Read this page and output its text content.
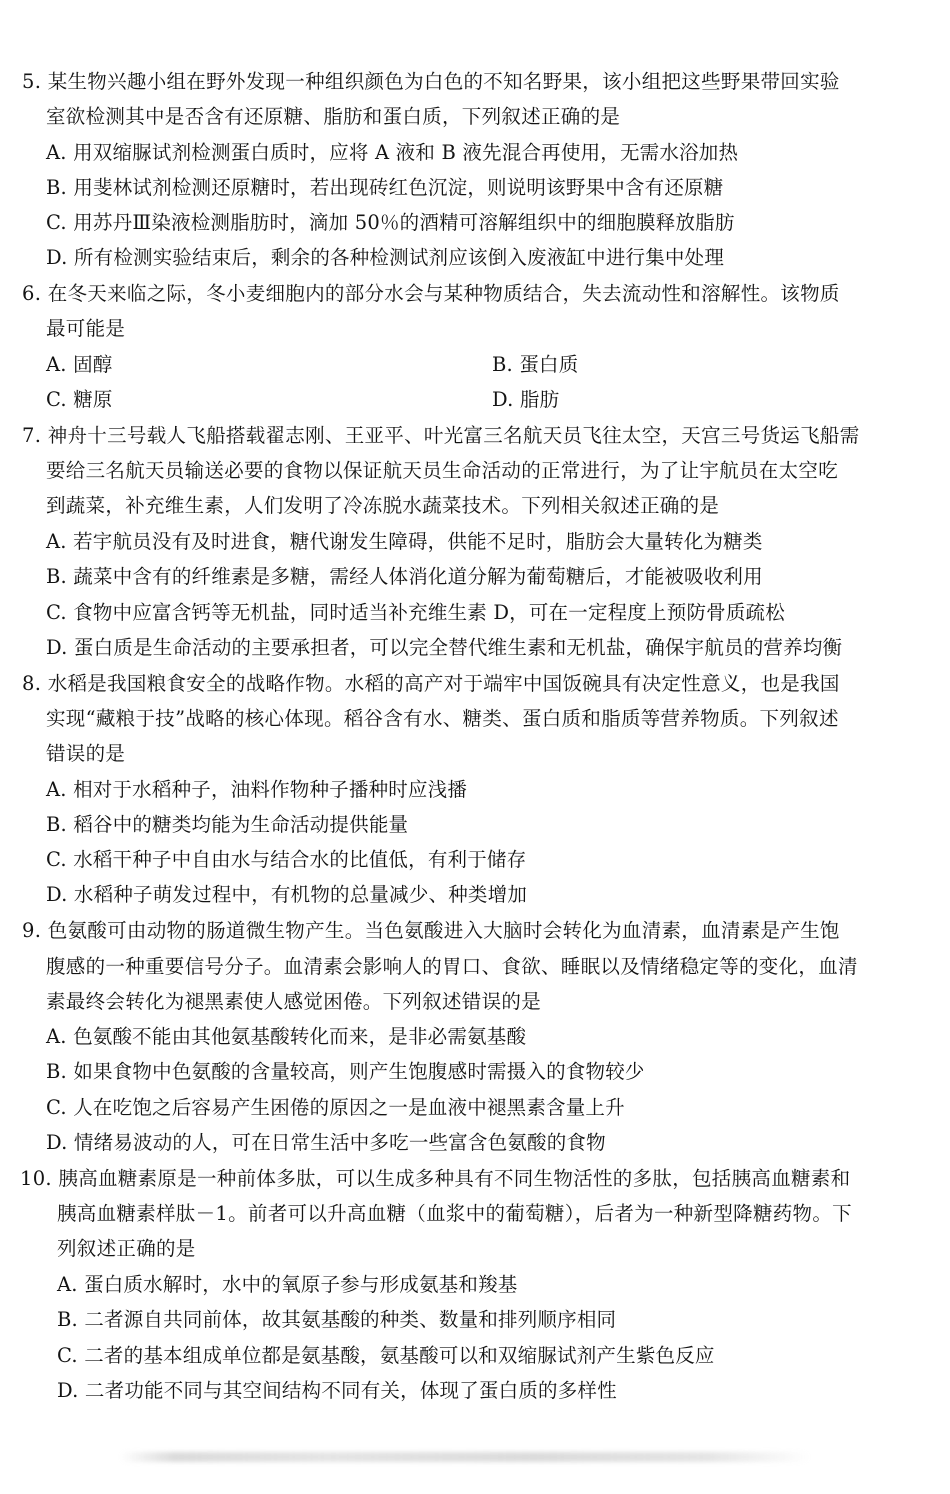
5. 某生物兴趣小组在野外发现一种组织颜色为白色的不知名野果，该小组把这些野果带回实验
室欲检测其中是否含有还原糖、脂肪和蛋白质，下列叙述正确的是
A. 用双缩脲试剂检测蛋白质时，应将 A 液和 B 液先混合再使用，无需水浴加热
B. 用斐林试剂检测还原糖时，若出现砖红色沉淀，则说明该野果中含有还原糖
C. 用苏丹Ⅲ染液检测脂肪时，滴加 50％的酒精可溶解组织中的细胞膜释放脂肪
D. 所有检测实验结束后，剩余的各种检测试剂应该倒入废液缸中进行集中处理
6. 在冬天来临之际，冬小麦细胞内的部分水会与某种物质结合，失去流动性和溶解性。该物质
最可能是
A. 固醇	B. 蛋白质
C. 糖原	D. 脂肪
7. 神舟十三号载人飞船搭载翟志刚、王亚平、叶光富三名航天员飞往太空，天宫三号货运飞船需
要给三名航天员输送必要的食物以保证航天员生命活动的正常进行，为了让宇航员在太空吃
到蔬菜，补充维生素，人们发明了冷冻脱水蔬菜技术。下列相关叙述正确的是
A. 若宇航员没有及时进食，糖代谢发生障碍，供能不足时，脂肪会大量转化为糖类
B. 蔬菜中含有的纤维素是多糖，需经人体消化道分解为葡萄糖后，才能被吸收利用
C. 食物中应富含钙等无机盐，同时适当补充维生素 D，可在一定程度上预防骨质疏松
D. 蛋白质是生命活动的主要承担者，可以完全替代维生素和无机盐，确保宇航员的营养均衡
8. 水稻是我国粮食安全的战略作物。水稻的高产对于端牢中国饭碗具有决定性意义，也是我国
实现“藏粮于技”战略的核心体现。稻谷含有水、糖类、蛋白质和脂质等营养物质。下列叙述
错误的是
A. 相对于水稻种子，油料作物种子播种时应浅播
B. 稻谷中的糖类均能为生命活动提供能量
C. 水稻干种子中自由水与结合水的比值低，有利于储存
D. 水稻种子萌发过程中，有机物的总量减少、种类增加
9. 色氨酸可由动物的肠道微生物产生。当色氨酸进入大脑时会转化为血清素，血清素是产生饱
腹感的一种重要信号分子。血清素会影响人的胃口、食欲、睡眠以及情绪稳定等的变化，血清
素最终会转化为褪黑素使人感觉困倦。下列叙述错误的是
A. 色氨酸不能由其他氨基酸转化而来，是非必需氨基酸
B. 如果食物中色氨酸的含量较高，则产生饱腹感时需摄入的食物较少
C. 人在吃饱之后容易产生困倦的原因之一是血液中褪黑素含量上升
D. 情绪易波动的人，可在日常生活中多吃一些富含色氨酸的食物
10. 胰高血糖素原是一种前体多肽，可以生成多种具有不同生物活性的多肽，包括胰高血糖素和
胰高血糖素样肽－1。前者可以升高血糖（血浆中的葡萄糖），后者为一种新型降糖药物。下
列叙述正确的是
A. 蛋白质水解时，水中的氧原子参与形成氨基和羧基
B. 二者源自共同前体，故其氨基酸的种类、数量和排列顺序相同
C. 二者的基本组成单位都是氨基酸，氨基酸可以和双缩脲试剂产生紫色反应
D. 二者功能不同与其空间结构不同有关，体现了蛋白质的多样性
